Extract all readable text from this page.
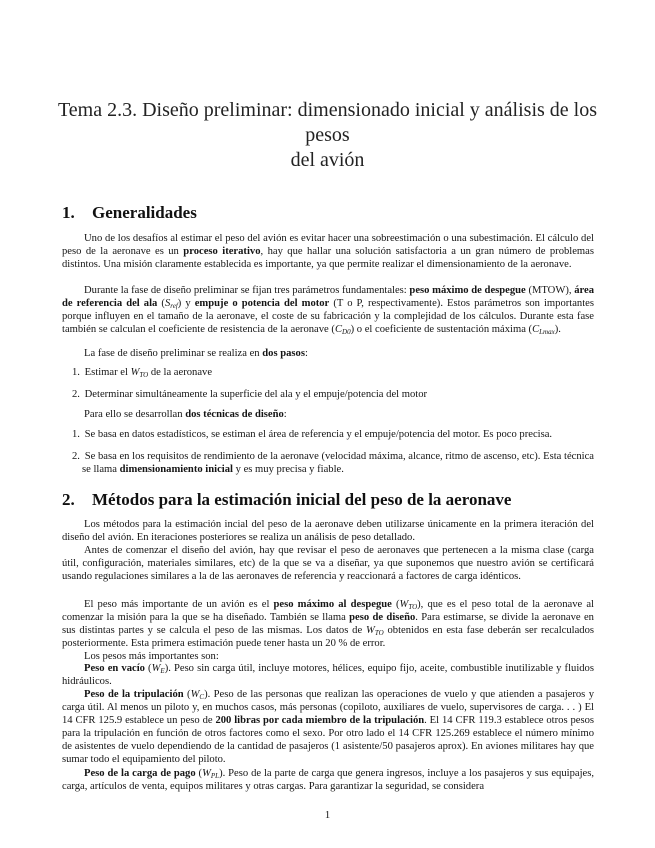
Tema 2.3. Diseño preliminar: dimensionado inicial y análisis de los pesos
del avión
1. Generalidades

Uno de los desafíos al estimar el peso del avión es evitar hacer una sobreestimación o una subestimación. El cálculo del peso de la aeronave es un proceso iterativo, hay que hallar una solución satisfactoria a un gran número de problemas distintos. Una misión claramente establecida es importante, ya que permite realizar el dimensionamiento de la aeronave.

Durante la fase de diseño preliminar se fijan tres parámetros fundamentales: peso máximo de despegue (MTOW), área de referencia del ala $(S_{ref})$ y empuje o potencia del motor (T o P, respectivamente). Estos parámetros son importantes porque influyen en el tamaño de la aeronave, el coste de su fabricación y la complejidad de los cálculos. Durante esta fase también se calculan el coeficiente de resistencia de la aeronave $(C_{D0})$ o el coeficiente de sustentación máxima $(C_{Lmax})$.

La fase de diseño preliminar se realiza en dos pasos:

1. Estimar el $W_{TO}$ de la aeronave

2. Determinar simultáneamente la superficie del ala y el empuje/potencia del motor

Para ello se desarrollan dos técnicas de diseño:

1. Se basa en datos estadísticos, se estiman el área de referencia y el empuje/potencia del motor. Es poco precisa.

2. Se basa en los requisitos de rendimiento de la aeronave (velocidad máxima, alcance, ritmo de ascenso, etc). Esta técnica se llama dimensionamiento inicial y es muy precisa y fiable.

2. Métodos para la estimación inicial del peso de la aeronave

Los métodos para la estimación incial del peso de la aeronave deben utilizarse únicamente en la primera iteración del diseño del avión. En iteraciones posteriores se realiza un análisis de peso detallado.

Antes de comenzar el diseño del avión, hay que revisar el peso de aeronaves que pertenecen a la misma clase (carga útil, configuración, materiales similares, etc) de la que se va a diseñar, ya que suponemos que nuestro avión se certificará usando regulaciones similares a la de las aeronaves de referencia y reaccionará a factores de carga idénticos.

El peso más importante de un avión es el peso máximo al despegue $(W_{TO})$, que es el peso total de la aeronave al comenzar la misión para la que se ha diseñado. También se llama peso de diseño. Para estimarse, se divide la aeronave en sus distintas partes y se calcula el peso de las mismas. Los datos de $W_{TO}$ obtenidos en esta fase deberán ser recalculados posteriormente. Esta primera estimación puede tener hasta un 20 % de error.

Los pesos más importantes son:

Peso en vacío $(W_E)$. Peso sin carga útil, incluye motores, hélices, equipo fijo, aceite, combustible inutilizable y fluidos hidráulicos.

Peso de la tripulación $(W_C)$. Peso de las personas que realizan las operaciones de vuelo y que atienden a pasajeros y carga útil. Al menos un piloto y, en muchos casos, más personas (copiloto, auxiliares de vuelo, supervisores de carga. . . ) El 14 CFR 125.9 establece un peso de 200 libras por cada miembro de la tripulación. El 14 CFR 119.3 establece otros pesos para la tripulación en función de otros factores como el sexo. Por otro lado el 14 CFR 125.269 establece el número mínimo de asistentes de vuelo dependiendo de la cantidad de pasajeros (1 asistente/50 pasajeros aprox). En aviones militares hay que sumar todo el equipamiento del piloto.

Peso de la carga de pago $(W_{PL})$. Peso de la parte de carga que genera ingresos, incluye a los pasajeros y sus equipajes, carga, artículos de venta, equipos militares y otras cargas. Para garantizar la seguridad, se considera

1
